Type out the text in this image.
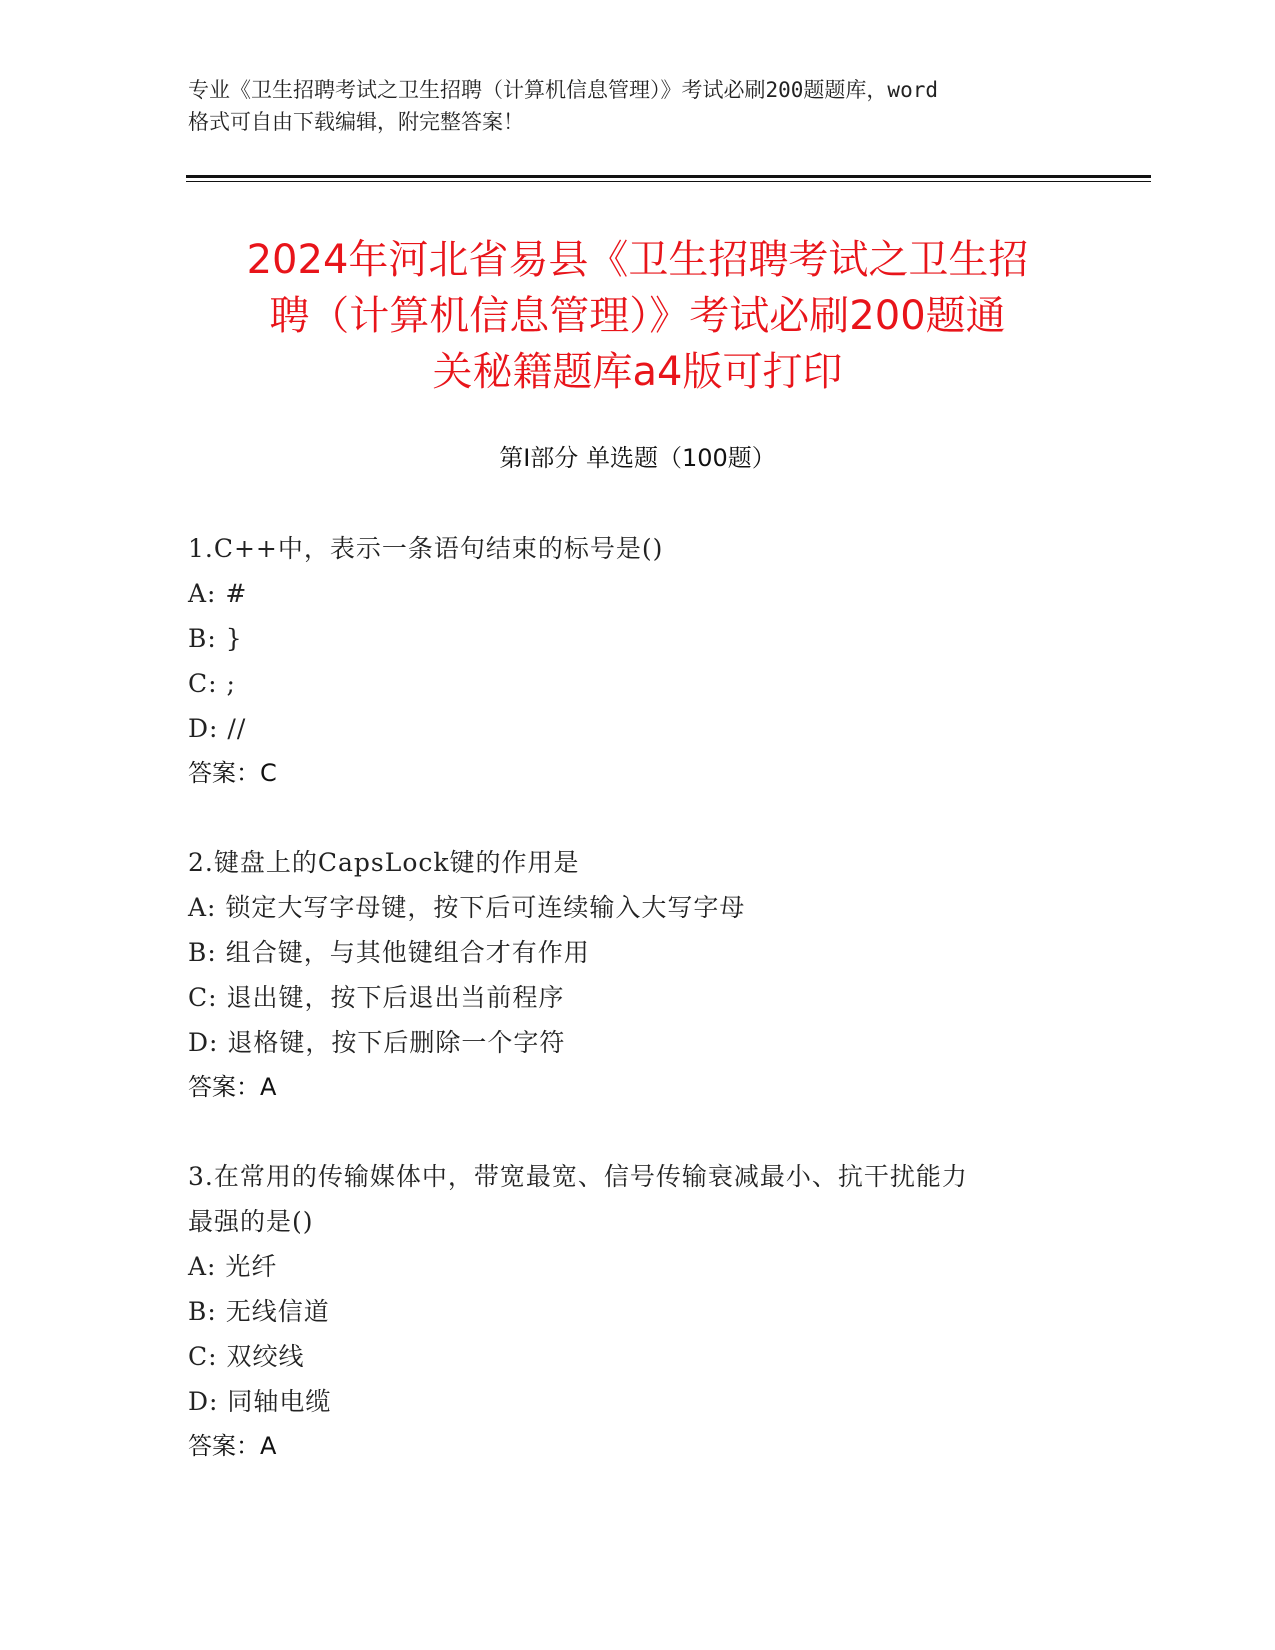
专业《卫生招聘考试之卫生招聘（计算机信息管理）》考试必刷200题题库，word
格式可自由下载编辑，附完整答案！
2024年河北省易县《卫生招聘考试之卫生招
聘（计算机信息管理）》考试必刷200题通
关秘籍题库a4版可打印
第Ⅰ部分 单选题（100题）
1.C++中，表示一条语句结束的标号是()
A: #
B: }
C: ;
D: //
答案：C
2.键盘上的CapsLock键的作用是
A: 锁定大写字母键，按下后可连续输入大写字母
B: 组合键，与其他键组合才有作用
C: 退出键，按下后退出当前程序
D: 退格键，按下后删除一个字符
答案：A
3.在常用的传输媒体中，带宽最宽、信号传输衰减最小、抗干扰能力
最强的是()
A: 光纤
B: 无线信道
C: 双绞线
D: 同轴电缆
答案：A
